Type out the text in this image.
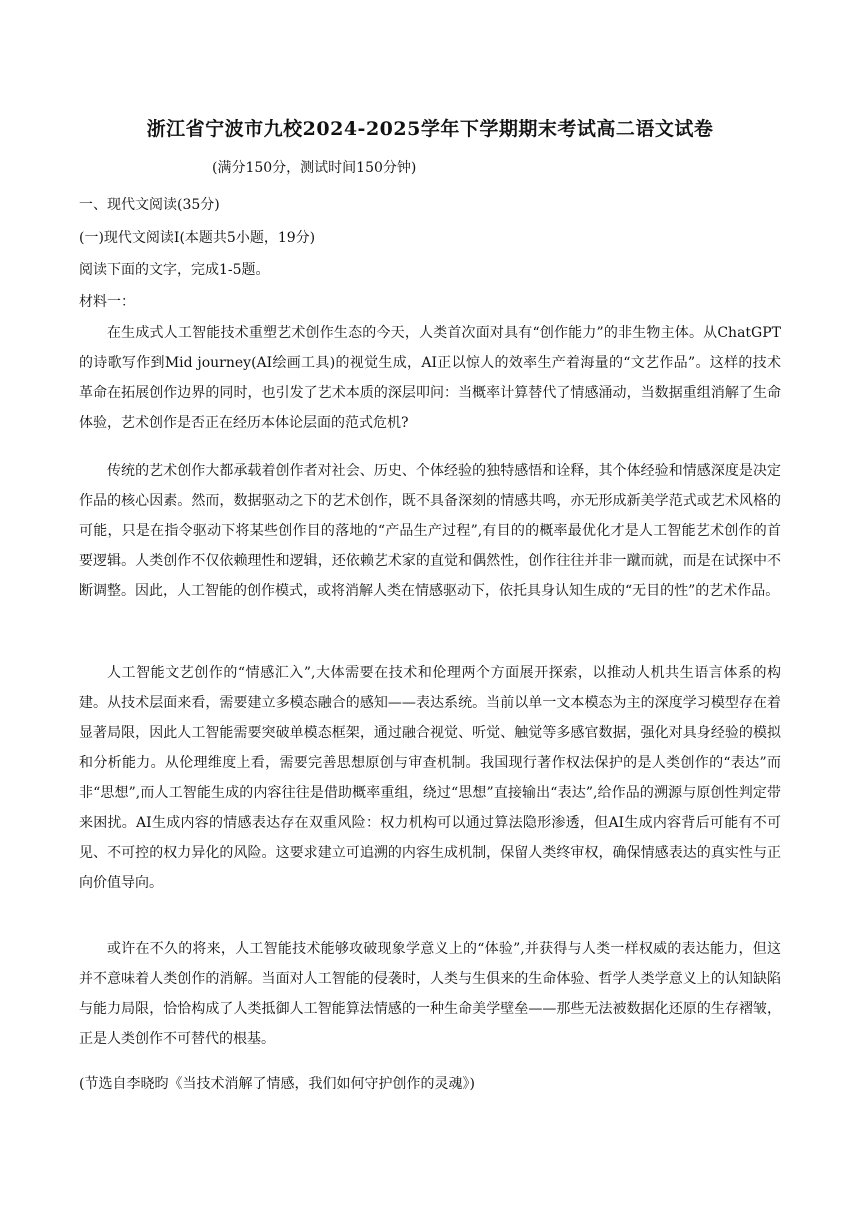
浙江省宁波市九校2024-2025学年下学期期末考试高二语文试卷
(满分150分，测试时间150分钟)
一、现代文阅读(35分)
(一)现代文阅读Ⅰ(本题共5小题，19分)
阅读下面的文字，完成1-5题。
材料一：

在生成式人工智能技术重塑艺术创作生态的今天，人类首次面对具有“创作能力”的非生物主体。从ChatGPT的诗歌写作到Mid journey(AI绘画工具)的视觉生成，AI正以惊人的效率生产着海量的“文艺作品”。这样的技术革命在拓展创作边界的同时，也引发了艺术本质的深层叩问：当概率计算替代了情感涌动，当数据重组消解了生命体验，艺术创作是否正在经历本体论层面的范式危机?

传统的艺术创作大都承载着创作者对社会、历史、个体经验的独特感悟和诠释，其个体经验和情感深度是决定作品的核心因素。然而，数据驱动之下的艺术创作，既不具备深刻的情感共鸣，亦无形成新美学范式或艺术风格的可能，只是在指令驱动下将某些创作目的落地的“产品生产过程”,有目的的概率最优化才是人工智能艺术创作的首要逻辑。人类创作不仅依赖理性和逻辑，还依赖艺术家的直觉和偶然性，创作往往并非一蹴而就，而是在试探中不断调整。因此，人工智能的创作模式，或将消解人类在情感驱动下，依托具身认知生成的“无目的性”的艺术作品。

人工智能文艺创作的“情感汇入”,大体需要在技术和伦理两个方面展开探索，以推动人机共生语言体系的构建。从技术层面来看，需要建立多模态融合的感知——表达系统。当前以单一文本模态为主的深度学习模型存在着显著局限，因此人工智能需要突破单模态框架，通过融合视觉、听觉、触觉等多感官数据，强化对具身经验的模拟和分析能力。从伦理维度上看，需要完善思想原创与审查机制。我国现行著作权法保护的是人类创作的“表达”而非“思想”,而人工智能生成的内容往往是借助概率重组，绕过“思想”直接输出“表达”,给作品的溯源与原创性判定带来困扰。AI生成内容的情感表达存在双重风险：权力机构可以通过算法隐形渗透，但AI生成内容背后可能有不可见、不可控的权力异化的风险。这要求建立可追溯的内容生成机制，保留人类终审权，确保情感表达的真实性与正向价值导向。

或许在不久的将来，人工智能技术能够攻破现象学意义上的“体验”,并获得与人类一样权威的表达能力，但这并不意味着人类创作的消解。当面对人工智能的侵袭时，人类与生俱来的生命体验、哲学人类学意义上的认知缺陷与能力局限，恰恰构成了人类抵御人工智能算法情感的一种生命美学壁垒——那些无法被数据化还原的生存褶皱，正是人类创作不可替代的根基。

(节选自李晓昀《当技术消解了情感，我们如何守护创作的灵魂》)
